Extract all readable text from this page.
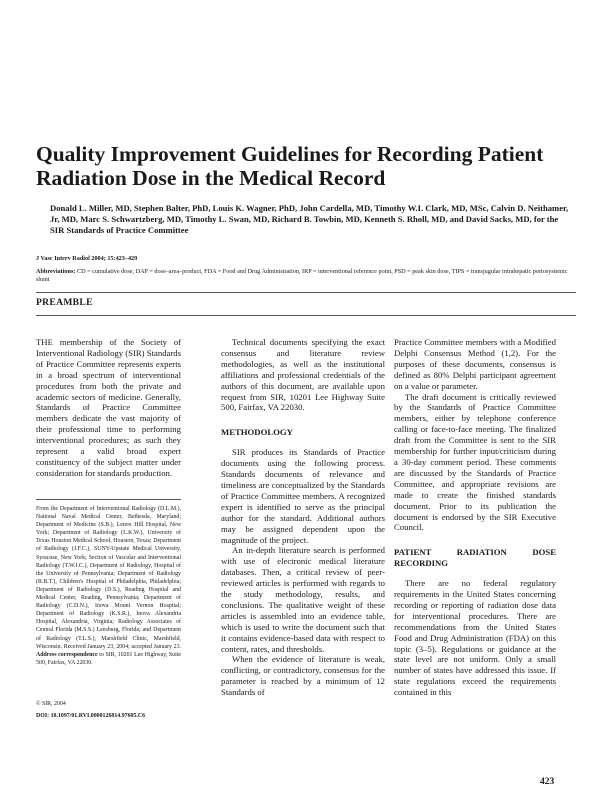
Quality Improvement Guidelines for Recording Patient Radiation Dose in the Medical Record
Donald L. Miller, MD, Stephen Balter, PhD, Louis K. Wagner, PhD, John Cardella, MD, Timothy W.I. Clark, MD, MSc, Calvin D. Neithamer, Jr, MD, Marc S. Schwartzberg, MD, Timothy L. Swan, MD, Richard B. Towbin, MD, Kenneth S. Rholl, MD, and David Sacks, MD, for the SIR Standards of Practice Committee
J Vasc Interv Radiol 2004; 15:423–429
Abbreviations: CD = cumulative dose, DAP = dose–area–product, FDA = Food and Drug Administration, IRP = interventional reference point, PSD = peak skin dose, TIPS = transjugular intrahepatic portosystemic shunt
PREAMBLE

THE membership of the Society of Interventional Radiology (SIR) Standards of Practice Committee represents experts in a broad spectrum of interventional procedures from both the private and academic sectors of medicine. Generally, Standards of Practice Committee members dedicate the vast majority of their professional time to performing interventional procedures; as such they represent a valid broad expert constituency of the subject matter under consideration for standards production.

From the Department of Interventional Radiology (D.L.M.), National Naval Medical Center, Bethesda, Maryland; Department of Medicine (S.B.), Lenox Hill Hospital, New York; Department of Radiology (L.K.W.), University of Texas Houston Medical School, Houston, Texas; Department of Radiology (J.F.C.), SUNY-Upstate Medical University, Syracuse, New York; Section of Vascular and Interventional Radiology (T.W.I.C.), Department of Radiology, Hospital of the University of Pennsylvania; Department of Radiology (R.B.T.), Children's Hospital of Philadelphia, Philadelphia; Department of Radiology (D.S.), Reading Hospital and Medical Center, Reading, Pennsylvania; Department of Radiology (C.D.N.), Inova Mount Vernon Hospital; Department of Radiology (K.S.R.), Inova Alexandria Hospital, Alexandria, Virginia; Radiology Associates of Central Florida (M.S.S.) Leesburg, Florida; and Department of Radiology (T.L.S.), Marshfield Clinic, Marshfield, Wisconsin. Received January 23, 2004; accepted January 23. Address correspondence to SIR, 10201 Lee Highway, Suite 500, Fairfax, VA 22030.
© SIR, 2004
DOI: 10.1097/01.RVI.0000126814.97605.C6

Technical documents specifying the exact consensus and literature review methodologies, as well as the institutional affiliations and professional credentials of the authors of this document, are available upon request from SIR, 10201 Lee Highway Suite 500, Fairfax, VA 22030.

METHODOLOGY

SIR produces its Standards of Practice documents using the following process. Standards documents of relevance and timeliness are conceptualized by the Standards of Practice Committee members. A recognized expert is identified to serve as the principal author for the standard. Additional authors may be assigned dependent upon the magnitude of the project.

An in-depth literature search is performed with use of electronic medical literature databases. Then, a critical review of peer-reviewed articles is performed with regards to the study methodology, results, and conclusions. The qualitative weight of these articles is assembled into an evidence table, which is used to write the document such that it contains evidence-based data with respect to content, rates, and thresholds.

When the evidence of literature is weak, conflicting, or contradictory, consensus for the parameter is reached by a minimum of 12 Standards of

Practice Committee members with a Modified Delphi Consensus Method (1,2). For the purposes of these documents, consensus is defined as 80% Delphi participant agreement on a value or parameter.

The draft document is critically reviewed by the Standards of Practice Committee members, either by telephone conference calling or face-to-face meeting. The finalized draft from the Committee is sent to the SIR membership for further input/criticism during a 30-day comment period. These comments are discussed by the Standards of Practice Committee, and appropriate revisions are made to create the finished standards document. Prior to its publication the document is endorsed by the SIR Executive Council.

PATIENT RADIATION DOSE RECORDING

There are no federal regulatory requirements in the United States concerning recording or reporting of radiation dose data for interventional procedures. There are recommendations from the United States Food and Drug Administration (FDA) on this topic (3–5). Regulations or guidance at the state level are not uniform. Only a small number of states have addressed this issue. If state regulations exceed the requirements contained in this

423
